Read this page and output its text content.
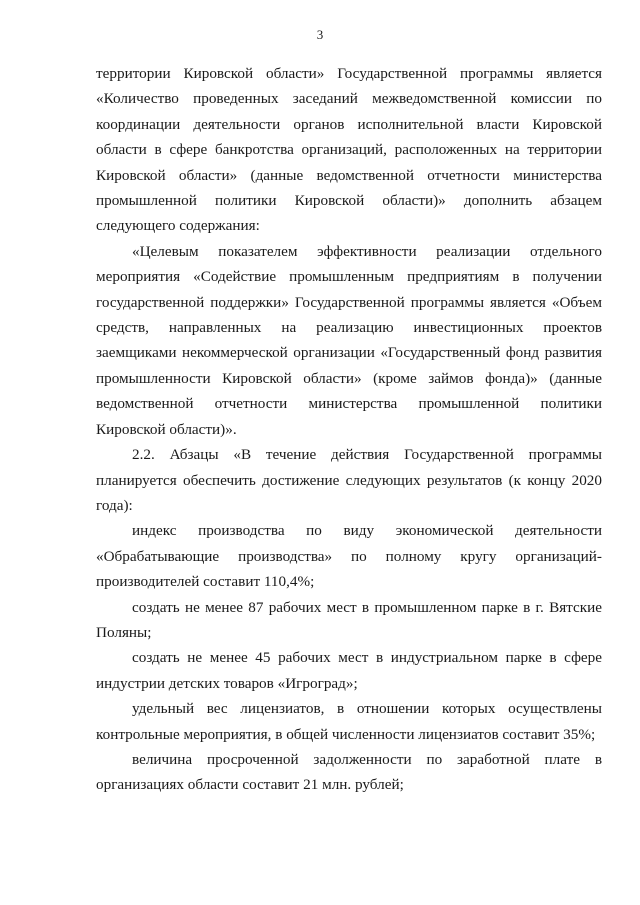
3

территории Кировской области» Государственной программы является «Количество проведенных заседаний межведомственной комиссии по координации деятельности органов исполнительной власти Кировской области в сфере банкротства организаций, расположенных на территории Кировской области» (данные ведомственной отчетности министерства промышленной политики Кировской области)» дополнить абзацем следующего содержания:

«Целевым показателем эффективности реализации отдельного мероприятия «Содействие промышленным предприятиям в получении государственной поддержки» Государственной программы является «Объем средств, направленных на реализацию инвестиционных проектов заемщиками некоммерческой организации «Государственный фонд развития промышленности Кировской области» (кроме займов фонда)» (данные ведомственной отчетности министерства промышленной политики Кировской области)».

2.2. Абзацы «В течение действия Государственной программы планируется обеспечить достижение следующих результатов (к концу 2020 года):

индекс производства по виду экономической деятельности «Обрабатывающие производства» по полному кругу организаций-производителей составит 110,4%;

создать не менее 87 рабочих мест в промышленном парке в г. Вятские Поляны;

создать не менее 45 рабочих мест в индустриальном парке в сфере индустрии детских товаров «Игроград»;

удельный вес лицензиатов, в отношении которых осуществлены контрольные мероприятия, в общей численности лицензиатов составит 35%;

величина просроченной задолженности по заработной плате в организациях области составит 21 млн. рублей;
